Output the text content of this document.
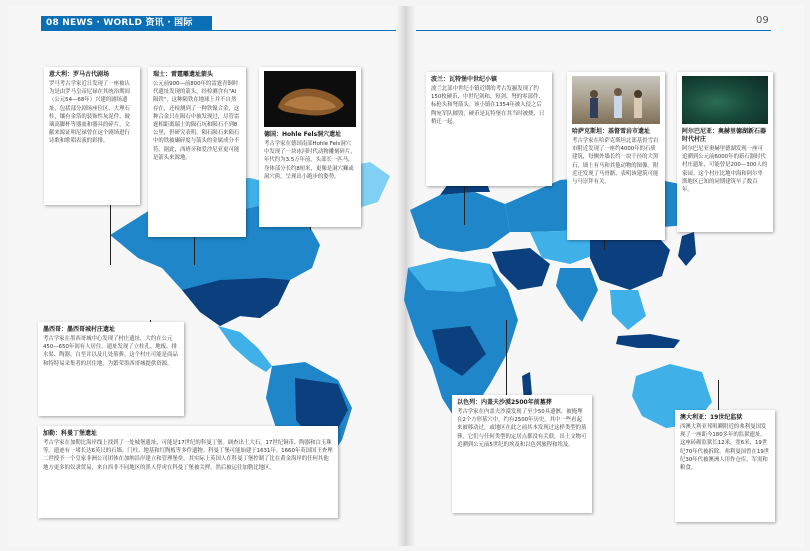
08 NEWS · WORLD 资讯 · 国际	09
意大利：罗马古代剧场
罗马考古学家近日发现了一座被认为是由罗马皇帝尼禄在其统治期间（公元54—68年）兴建的剧场遗址，包括部分剧场座位区、大理石柱，镶有金箔的装饰性灰泥件、玻璃高脚杯等器皿和器具的碎片，文献来源证明尼禄曾在这个剧场进行诗歌和歌唱表演的彩排。
瑞士：雷霆雕遗址箭头
公元前900—前800年的雷霆青铜时代遗址发现的箭头，经检测含有"AI陨铁"，这种陨铁在地球上并不自然存在，还检测到了一种铁镍合金，这种合金只在陨石中被发现过，尽管雷霆相距离瑞士的陨石坑和陨石不到8公里，但研究表明，陨石陨石来陨石中的铁被碾碎度与箭头的金属成分不符。据此，西班牙和爱沙尼亚更可能是箭头来源地。
德国：Hohle Fels洞穴遗址
考古学家在德国南部Hohle Fels洞穴中发现了一块冰河时代动物雕刻碎片，年代约为3.5万年前，头部长一匹马，身体部分长约8厘米，更像是洞穴狮或洞穴熊，呈现出小跑步的姿势。
波兰：瓦特堡中世纪小镇
波兰北部中世纪小镇近期的考古发掘发现了约150枚硬币、中世纪剑和、短剑、弩的零部件、标枪头和弩箭头。该小镇在1354年被入侵之后陶宛军队摧毁，硬币是瓦特堡在其当时被烧、只稍迁一起。
哈萨克斯坦：基督雪岩市遗址
考古学家在哈萨克斯坦北部基督雪岩市附近发现了一座约4000年的石质建筑，每侧外墙长约一块千径的大黑石，墙上有马和其他动物的图像。附近还发现了马骨骼、表明该建筑可能与马崇拜有关。
阿尔巴尼亚：奥赫里德湖新石器时代村庄
阿尔巴尼亚奥赫里德湖发现一座可追溯到公元前6000年的新石器时代村庄遗址，可能曾是200—300人的家园。这个村庄比地中海和阿尔卑斯地区已知的同期建筑早了数百年。
墨西哥：墨西哥城村庄遗址
考古学家在墨西哥城中心发现了村庄遗址，大约在公元450—650年间有人居住。遗址发现了立柱孔、地板、排水渠、陶器、白垩并以及几处墓葬。这个村庄可能是商品和特特易采集者的居住地，为繁荣墨西哥城提供资源。
加勒：科曼丁堡遗址
考古学家在加勒比海岸线上找到了一处城堡遗址，可能是17世纪的科曼丁堡。调查出土大石，17世纪铜币、陶器和白玉珠等。遗迹有一堵长达6英尺的石墙。门柱、地基和红陶板等多件遗物。科曼丁堡可能始建于1631年。1660年英国国王查理二世授予一个皇家非洲公司团体在加纳沿岸建立和管理堡垒，其实际上英国人在科曼丁堡控制了比在黄金海岸的任何其他地方更多的奴隶贸易，来自西非不同地区的黑人俘虏在科曼丁堡被关押，然后被运往加勒比地区。
以色列：内盖夫沙漠2500年前墓葬
考古学家在内盖夫沙漠发现了至少50具遗骸，被掩埋在2个方形墓穴中，约有2500年历史。其中一些看起来被移动过，或地区在此之前其本发现过这样类型的墓葬，它们与任何类型的定居点都没有关联，出土文物可追溯到公元前5世纪的埃及和以色列旅程和埃及。
澳大利亚：19世纪监狱
西澳大利亚邦咀瞬附近的弗利曼国发现了一座距今180多年的监狱遗址。这座砖砌监狱长12米，宽6米，19世纪70年代被拆除。弗利曼国曾在19世纪30年代被澳洲人用作仓库、军需和粮食。
